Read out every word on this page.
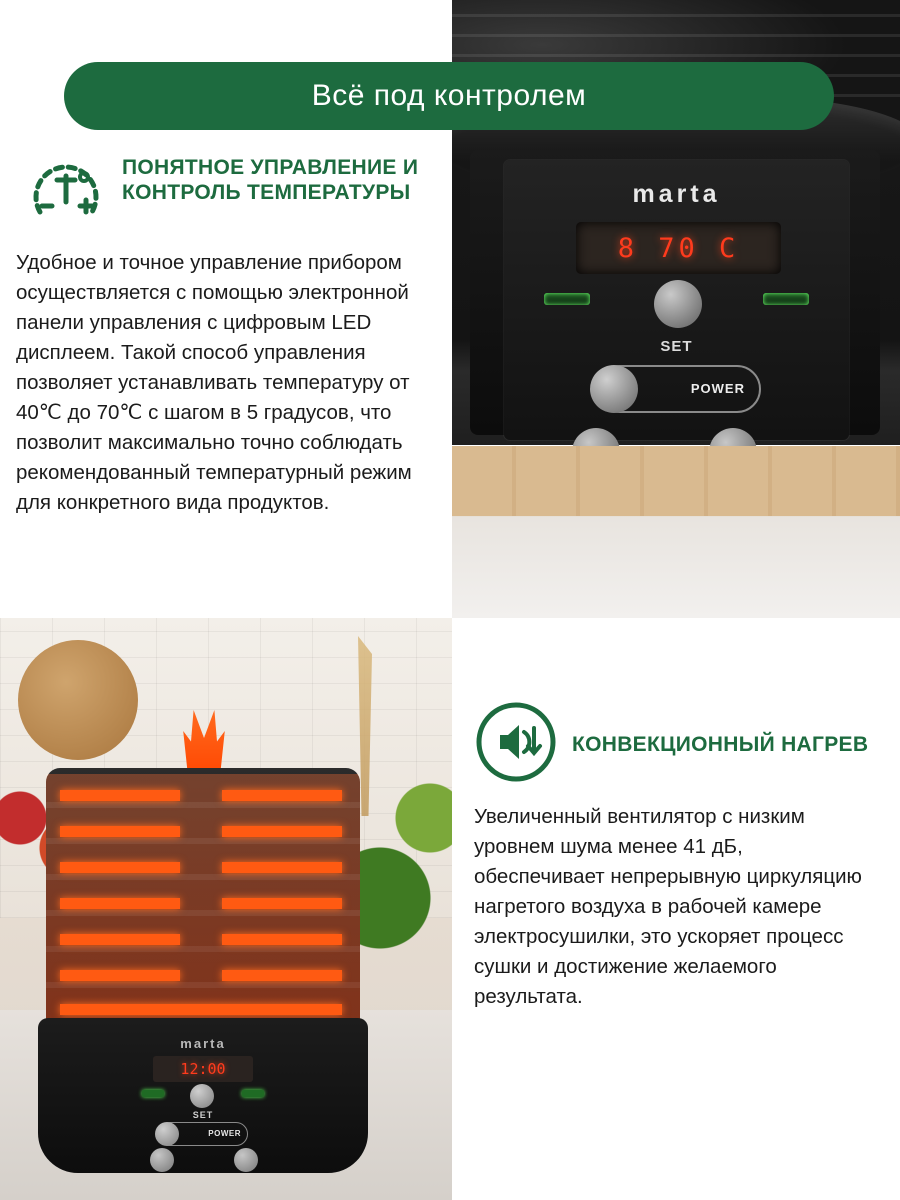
marta
8 70 C
SET
POWER
Всё под контролем
ПОНЯТНОЕ УПРАВЛЕНИЕ И КОНТРОЛЬ ТЕМПЕРАТУРЫ
Удобное и точное управление прибором осуществляется с помощью электронной панели управления с цифровым LED дисплеем. Такой способ управления позволяет устанавливать температуру от 40℃ до 70℃ с шагом в 5 градусов, что позволит максимально точно соблюдать рекомендованный температурный режим для конкретного вида продуктов.
marta
12:00
SET
POWER
КОНВЕКЦИОННЫЙ НАГРЕВ
Увеличенный вентилятор с низким уровнем шума менее 41 дБ, обеспечивает непрерывную циркуляцию нагретого воздуха в рабочей камере электросушилки, это ускоряет процесс сушки и достижение желаемого результата.
